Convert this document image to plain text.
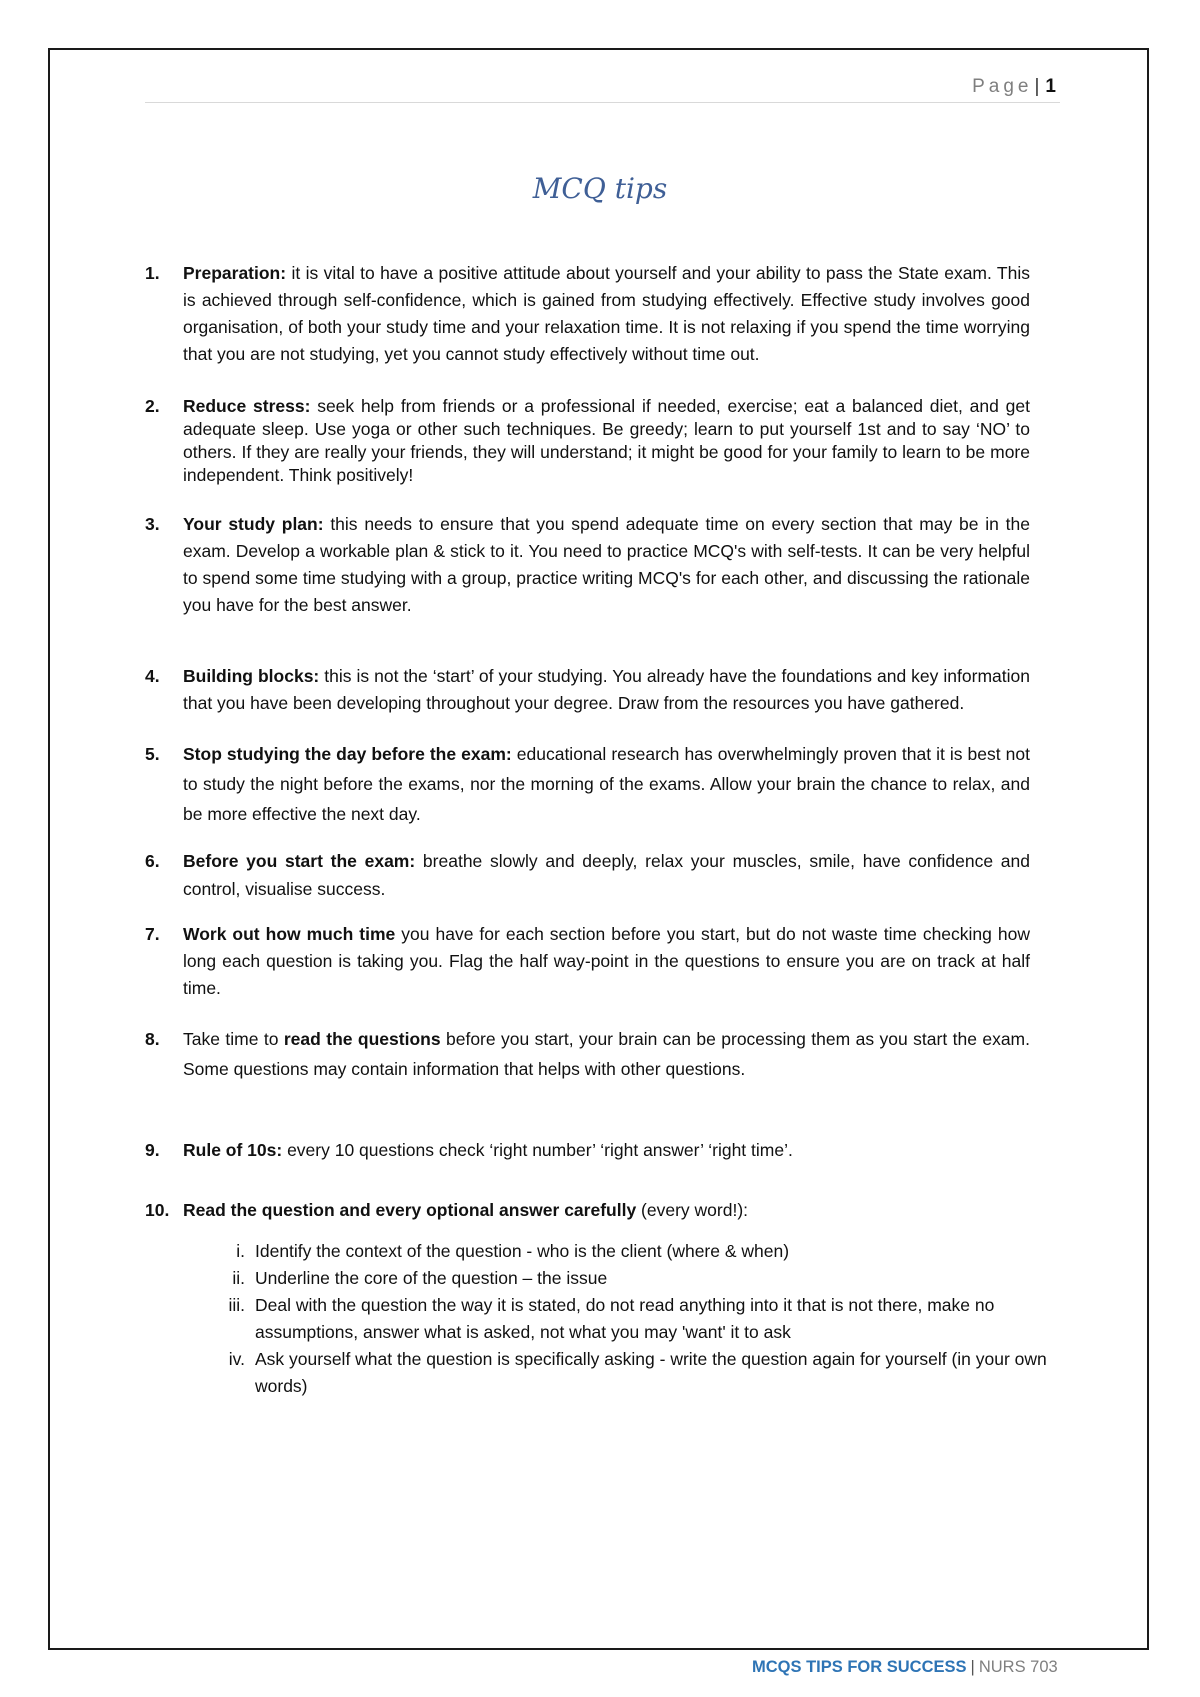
Page | 1
MCQ tips
1. Preparation: it is vital to have a positive attitude about yourself and your ability to pass the State exam. This is achieved through self-confidence, which is gained from studying effectively. Effective study involves good organisation, of both your study time and your relaxation time. It is not relaxing if you spend the time worrying that you are not studying, yet you cannot study effectively without time out.
2. Reduce stress: seek help from friends or a professional if needed, exercise; eat a balanced diet, and get adequate sleep. Use yoga or other such techniques. Be greedy; learn to put yourself 1st and to say ‘NO’ to others. If they are really your friends, they will understand; it might be good for your family to learn to be more independent. Think positively!
3. Your study plan: this needs to ensure that you spend adequate time on every section that may be in the exam. Develop a workable plan & stick to it. You need to practice MCQ's with self-tests. It can be very helpful to spend some time studying with a group, practice writing MCQ's for each other, and discussing the rationale you have for the best answer.
4. Building blocks: this is not the ‘start’ of your studying. You already have the foundations and key information that you have been developing throughout your degree. Draw from the resources you have gathered.
5. Stop studying the day before the exam: educational research has overwhelmingly proven that it is best not to study the night before the exams, nor the morning of the exams. Allow your brain the chance to relax, and be more effective the next day.
6. Before you start the exam: breathe slowly and deeply, relax your muscles, smile, have confidence and control, visualise success.
7. Work out how much time you have for each section before you start, but do not waste time checking how long each question is taking you. Flag the half way-point in the questions to ensure you are on track at half time.
8. Take time to read the questions before you start, your brain can be processing them as you start the exam. Some questions may contain information that helps with other questions.
9. Rule of 10s: every 10 questions check ‘right number’ ‘right answer’ ‘right time’.
10. Read the question and every optional answer carefully (every word!):
i. Identify the context of the question - who is the client (where & when)
ii. Underline the core of the question – the issue
iii. Deal with the question the way it is stated, do not read anything into it that is not there, make no assumptions, answer what is asked, not what you may 'want' it to ask
iv. Ask yourself what the question is specifically asking - write the question again for yourself (in your own words)
MCQS TIPS FOR SUCCESS | NURS 703
